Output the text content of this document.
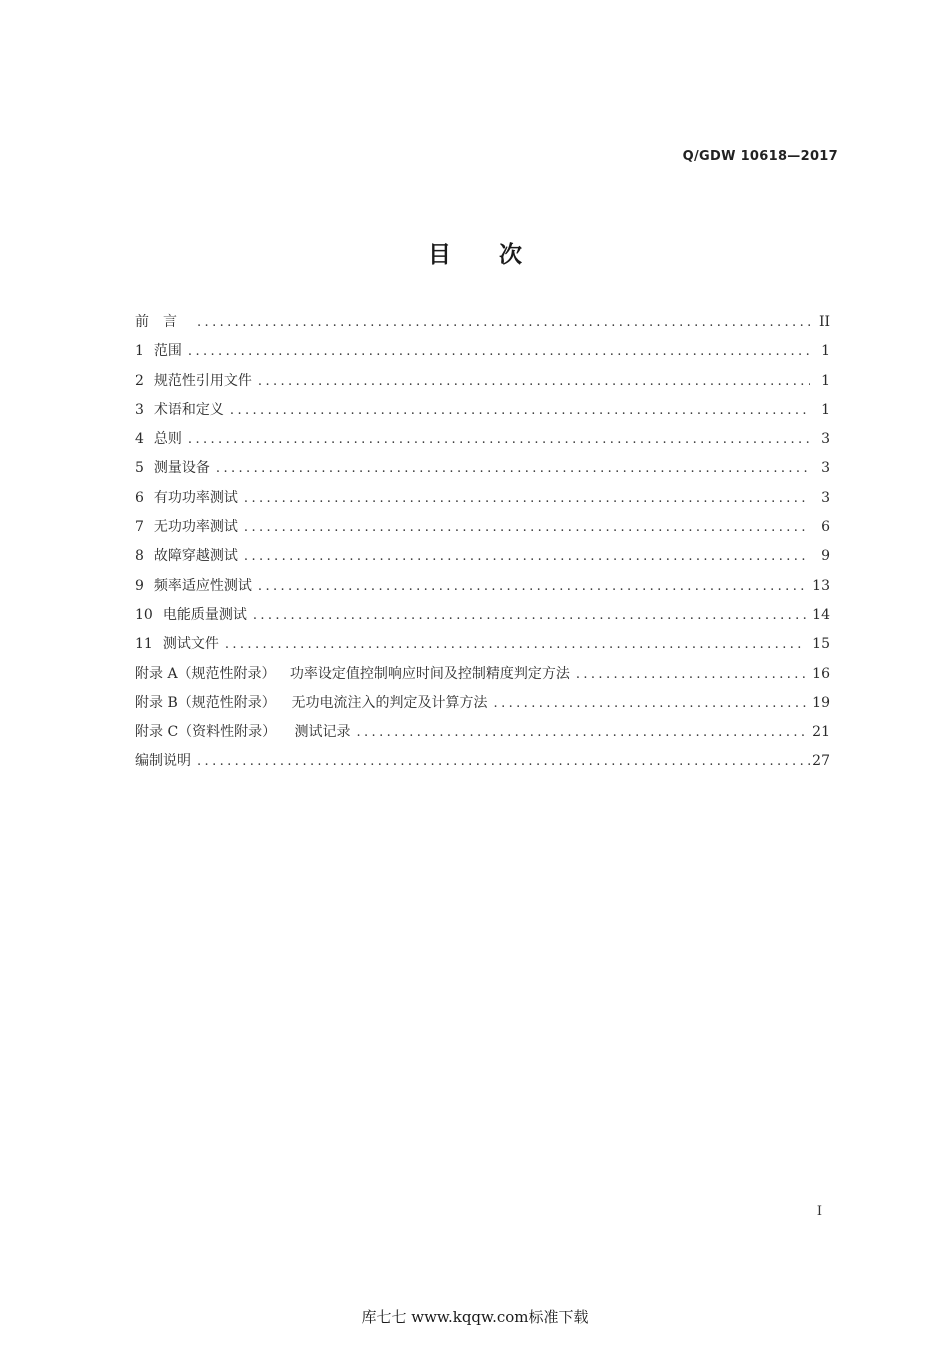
Q/GDW 10618—2017
目 次
前言 .....	II
1 范围 .....	1
2 规范性引用文件 .....	1
3 术语和定义 .....	1
4 总则 .....	3
5 测量设备 .....	3
6 有功功率测试 .....	3
7 无功功率测试 .....	6
8 故障穿越测试 .....	9
9 频率适应性测试 .....	13
10 电能质量测试 .....	14
11 测试文件 .....	15
附录 A（规范性附录） 功率设定值控制响应时间及控制精度判定方法 .....	16
附录 B（规范性附录） 无功电流注入的判定及计算方法 .....	19
附录 C（资料性附录） 测试记录 .....	21
编制说明 .....	27
I
库七七 www.kqqw.com标准下载
